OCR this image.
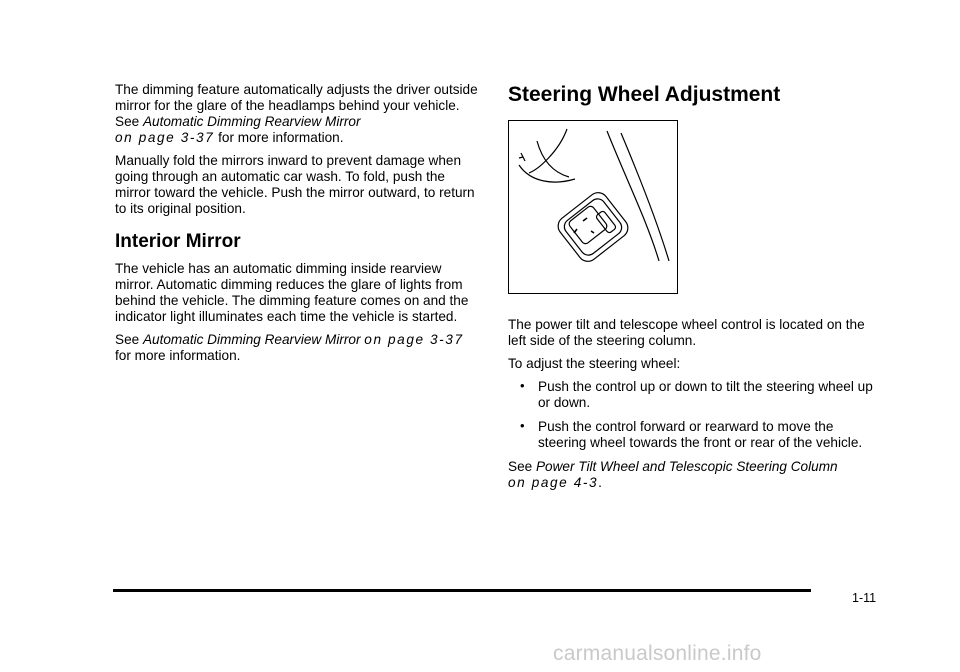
The dimming feature automatically adjusts the driver outside mirror for the glare of the headlamps behind your vehicle. See Automatic Dimming Rearview Mirror
on page 3-37 for more information.

Manually fold the mirrors inward to prevent damage when going through an automatic car wash. To fold, push the mirror toward the vehicle. Push the mirror outward, to return to its original position.

Interior Mirror

The vehicle has an automatic dimming inside rearview mirror. Automatic dimming reduces the glare of lights from behind the vehicle. The dimming feature comes on and the indicator light illuminates each time the vehicle is started.

See Automatic Dimming Rearview Mirror on page 3-37
for more information.

Steering Wheel Adjustment

The power tilt and telescope wheel control is located on the left side of the steering column.

To adjust the steering wheel:

• Push the control up or down to tilt the steering wheel up or down.
• Push the control forward or rearward to move the steering wheel towards the front or rear of the vehicle.

See Power Tilt Wheel and Telescopic Steering Column
on page 4-3.

1-11
carmanualsonline.info
